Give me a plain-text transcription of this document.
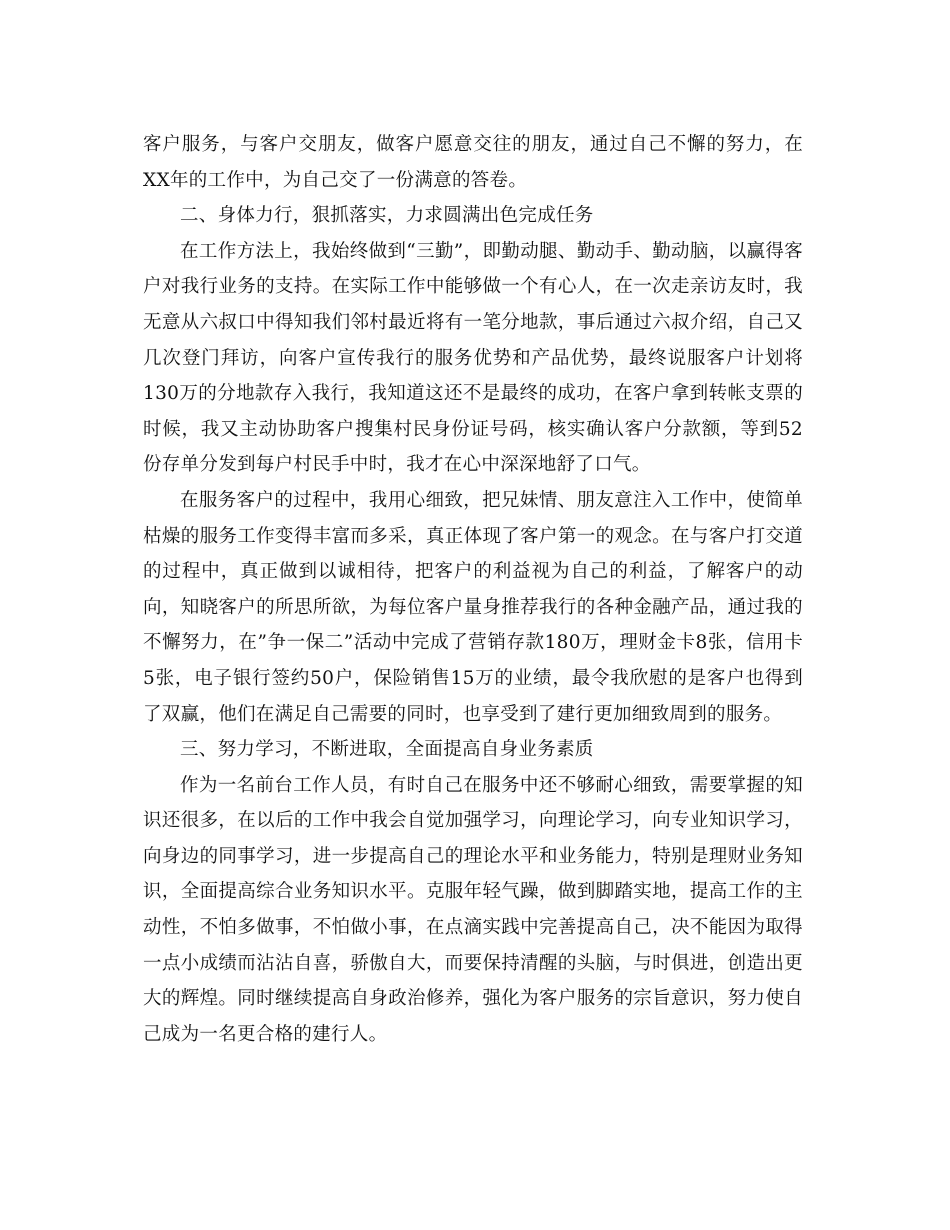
客户服务，与客户交朋友，做客户愿意交往的朋友，通过自己不懈的努力，在XX年的工作中，为自己交了一份满意的答卷。

二、身体力行，狠抓落实，力求圆满出色完成任务

在工作方法上，我始终做到“三勤”，即勤动腿、勤动手、勤动脑，以赢得客户对我行业务的支持。在实际工作中能够做一个有心人，在一次走亲访友时，我无意从六叔口中得知我们邻村最近将有一笔分地款，事后通过六叔介绍，自己又几次登门拜访，向客户宣传我行的服务优势和产品优势，最终说服客户计划将130万的分地款存入我行，我知道这还不是最终的成功，在客户拿到转帐支票的时候，我又主动协助客户搜集村民身份证号码，核实确认客户分款额，等到52份存单分发到每户村民手中时，我才在心中深深地舒了口气。

在服务客户的过程中，我用心细致，把兄妹情、朋友意注入工作中，使简单枯燥的服务工作变得丰富而多采，真正体现了客户第一的观念。在与客户打交道的过程中，真正做到以诚相待，把客户的利益视为自己的利益，了解客户的动向，知晓客户的所思所欲，为每位客户量身推荐我行的各种金融产品，通过我的不懈努力，在”争一保二”活动中完成了营销存款180万，理财金卡8张，信用卡5张，电子银行签约50户，保险销售15万的业绩，最令我欣慰的是客户也得到了双赢，他们在满足自己需要的同时，也享受到了建行更加细致周到的服务。

三、努力学习，不断进取，全面提高自身业务素质

作为一名前台工作人员，有时自己在服务中还不够耐心细致，需要掌握的知识还很多，在以后的工作中我会自觉加强学习，向理论学习，向专业知识学习，向身边的同事学习，进一步提高自己的理论水平和业务能力，特别是理财业务知识，全面提高综合业务知识水平。克服年轻气躁，做到脚踏实地，提高工作的主动性，不怕多做事，不怕做小事，在点滴实践中完善提高自己，决不能因为取得一点小成绩而沾沾自喜，骄傲自大，而要保持清醒的头脑，与时俱进，创造出更大的辉煌。同时继续提高自身政治修养，强化为客户服务的宗旨意识，努力使自己成为一名更合格的建行人。
